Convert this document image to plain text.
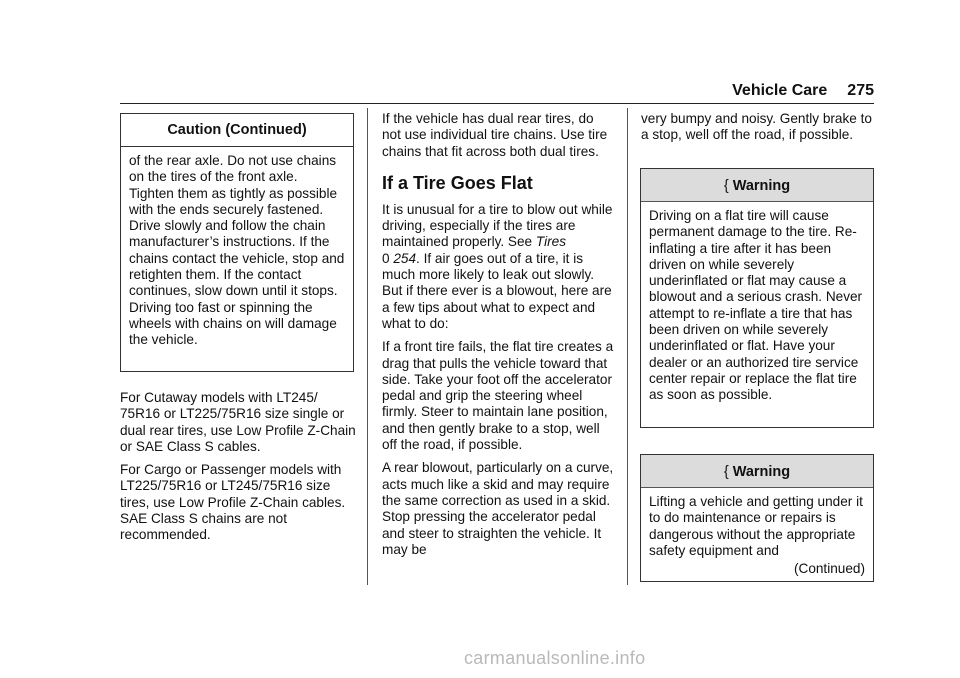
Vehicle Care 275
Caution (Continued)
of the rear axle. Do not use chains on the tires of the front axle. Tighten them as tightly as possible with the ends securely fastened. Drive slowly and follow the chain manufacturer’s instructions. If the chains contact the vehicle, stop and retighten them. If the contact continues, slow down until it stops. Driving too fast or spinning the wheels with chains on will damage the vehicle.

For Cutaway models with LT245/ 75R16 or LT225/75R16 size single or dual rear tires, use Low Profile Z-Chain or SAE Class S cables.

For Cargo or Passenger models with LT225/75R16 or LT245/75R16 size tires, use Low Profile Z-Chain cables. SAE Class S chains are not recommended.

If the vehicle has dual rear tires, do not use individual tire chains. Use tire chains that fit across both dual tires.

If a Tire Goes Flat

It is unusual for a tire to blow out while driving, especially if the tires are maintained properly. See Tires
0 254. If air goes out of a tire, it is much more likely to leak out slowly. But if there ever is a blowout, here are a few tips about what to expect and what to do:

If a front tire fails, the flat tire creates a drag that pulls the vehicle toward that side. Take your foot off the accelerator pedal and grip the steering wheel firmly. Steer to maintain lane position, and then gently brake to a stop, well off the road, if possible.

A rear blowout, particularly on a curve, acts much like a skid and may require the same correction as used in a skid. Stop pressing the accelerator pedal and steer to straighten the vehicle. It may be

very bumpy and noisy. Gently brake to a stop, well off the road, if possible.

{ Warning
Driving on a flat tire will cause permanent damage to the tire. Re-inflating a tire after it has been driven on while severely underinflated or flat may cause a blowout and a serious crash. Never attempt to re-inflate a tire that has been driven on while severely underinflated or flat. Have your dealer or an authorized tire service center repair or replace the flat tire as soon as possible.
{ Warning
Lifting a vehicle and getting under it to do maintenance or repairs is dangerous without the appropriate safety equipment and
(Continued)
carmanualsonline.info
